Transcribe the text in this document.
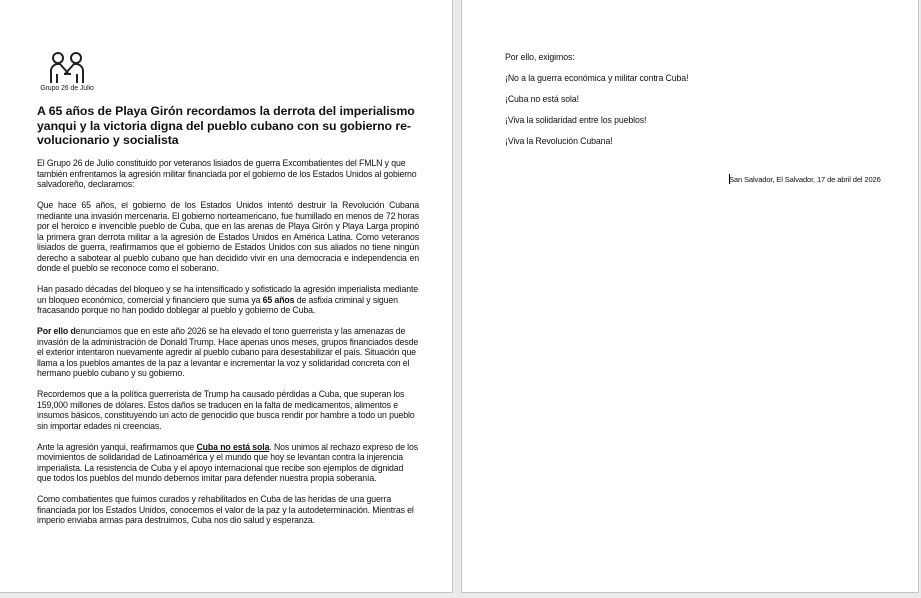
Grupo 26 de Julio
A 65 años de Playa Girón recordamos la derrota del imperialismo yanqui y la victoria digna del pueblo cubano con su gobierno re-volucionario y socialista

El Grupo 26 de Julio constituido por veteranos lisiados de guerra Excombatientes del FMLN y que también enfrentamos la agresión militar financiada por el gobierno de los Estados Unidos al gobierno salvadoreño, declaramos:

Que hace 65 años, el gobierno de los Estados Unidos intentó destruir la Revolución Cubana mediante una invasión mercenaria. El gobierno norteamericano, fue humillado en menos de 72 horas por el heroico e invencible pueblo de Cuba, que en las arenas de Playa Girón y Playa Larga propinó la primera gran derrota militar a la agresión de Estados Unidos en América Latina. Como veteranos lisiados de guerra, reafirmamos que el gobierno de Estados Unidos con sus aliados no tiene ningún derecho a sabotear al pueblo cubano que han decidido vivir en una democracia e independencia en donde el pueblo se reconoce como el soberano.

Han pasado décadas del bloqueo y se ha intensificado y sofisticado la agresión imperialista mediante un bloqueo económico, comercial y financiero que suma ya 65 años de asfixia criminal y siguen fracasando porque no han podido doblegar al pueblo y gobierno de Cuba.

Por ello denunciamos que en este año 2026 se ha elevado el tono guerrerista y las amenazas de invasión de la administración de Donald Trump. Hace apenas unos meses, grupos financiados desde el exterior intentaron nuevamente agredir al pueblo cubano para desestabilizar el país. Situación que llama a los pueblos amantes de la paz a levantar e incrementar la voz y solidaridad concreta con el hermano pueblo cubano y su gobierno.

Recordemos que a la política guerrerista de Trump ha causado pérdidas a Cuba, que superan los 159,000 millones de dólares. Estos daños se traducen en la falta de medicamentos, alimentos e insumos básicos, constituyendo un acto de genocidio que busca rendir por hambre a todo un pueblo sin importar edades ni creencias.

Ante la agresión yanqui, reafirmamos que Cuba no está sola. Nos unimos al rechazo expreso de los movimientos de solidaridad de Latinoamérica y el mundo que hoy se levantan contra la injerencia imperialista. La resistencia de Cuba y el apoyo internacional que recibe son ejemplos de dignidad que todos los pueblos del mundo debemos imitar para defender nuestra propia soberanía.

Como combatientes que fuimos curados y rehabilitados en Cuba de las heridas de una guerra financiada por los Estados Unidos, conocemos el valor de la paz y la autodeterminación. Mientras el imperio enviaba armas para destruirnos, Cuba nos dio salud y esperanza.

Por ello, exigimos:
¡No a la guerra económica y militar contra Cuba!
¡Cuba no está sola!
¡Viva la solidaridad entre los pueblos!
¡Viva la Revolución Cubana!
San Salvador, El Salvador, 17 de abril del 2026
